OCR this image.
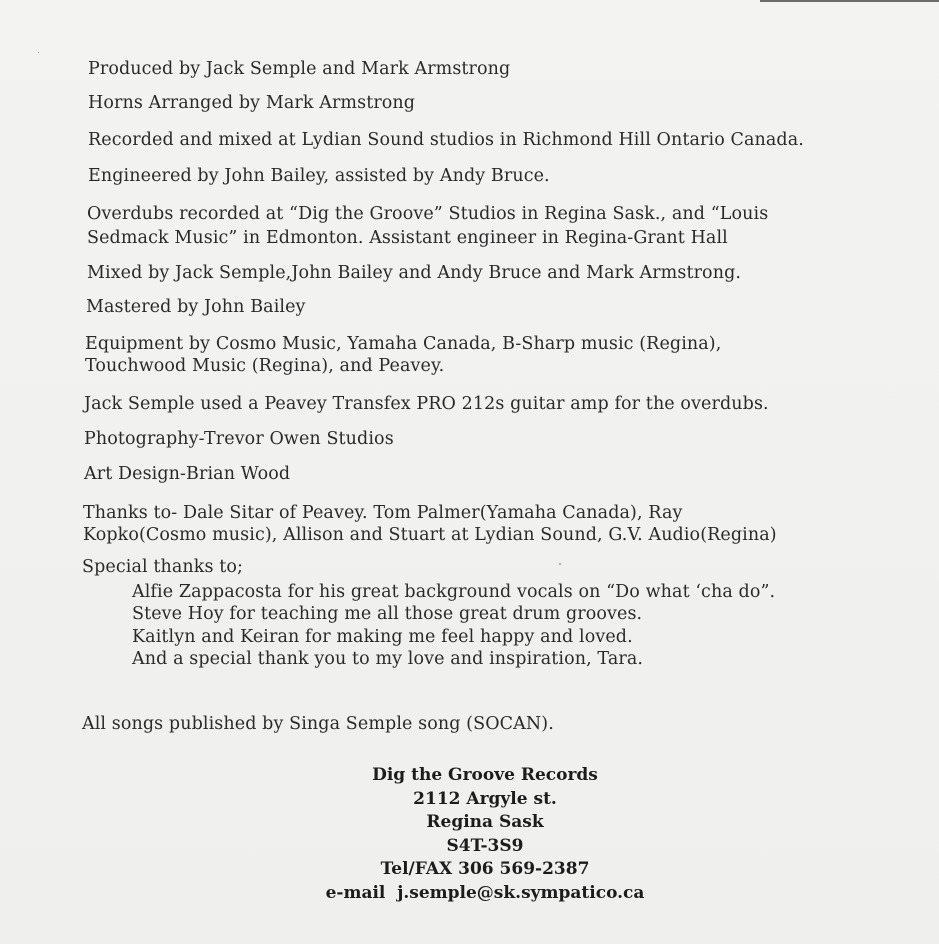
Produced by Jack Semple and Mark Armstrong
Horns Arranged by Mark Armstrong
Recorded and mixed at Lydian Sound studios in Richmond Hill Ontario Canada.
Engineered by John Bailey, assisted by Andy Bruce.
Overdubs recorded at “Dig the Groove” Studios in Regina Sask., and “Louis
Sedmack Music” in Edmonton. Assistant engineer in Regina-Grant Hall
Mixed by Jack Semple,John Bailey and Andy Bruce and Mark Armstrong.
Mastered by John Bailey
Equipment by Cosmo Music, Yamaha Canada, B-Sharp music (Regina),
Touchwood Music (Regina), and Peavey.
Jack Semple used a Peavey Transfex PRO 212s guitar amp for the overdubs.
Photography-Trevor Owen Studios
Art Design-Brian Wood
Thanks to- Dale Sitar of Peavey. Tom Palmer(Yamaha Canada), Ray
Kopko(Cosmo music), Allison and Stuart at Lydian Sound, G.V. Audio(Regina)
Special thanks to;
Alfie Zappacosta for his great background vocals on “Do what ‘cha do”.
Steve Hoy for teaching me all those great drum grooves.
Kaitlyn and Keiran for making me feel happy and loved.
And a special thank you to my love and inspiration, Tara.
All songs published by Singa Semple song (SOCAN).
Dig the Groove Records
2112 Argyle st.
Regina Sask
S4T-3S9
Tel/FAX 306 569-2387
e-mail  j.semple@sk.sympatico.ca
